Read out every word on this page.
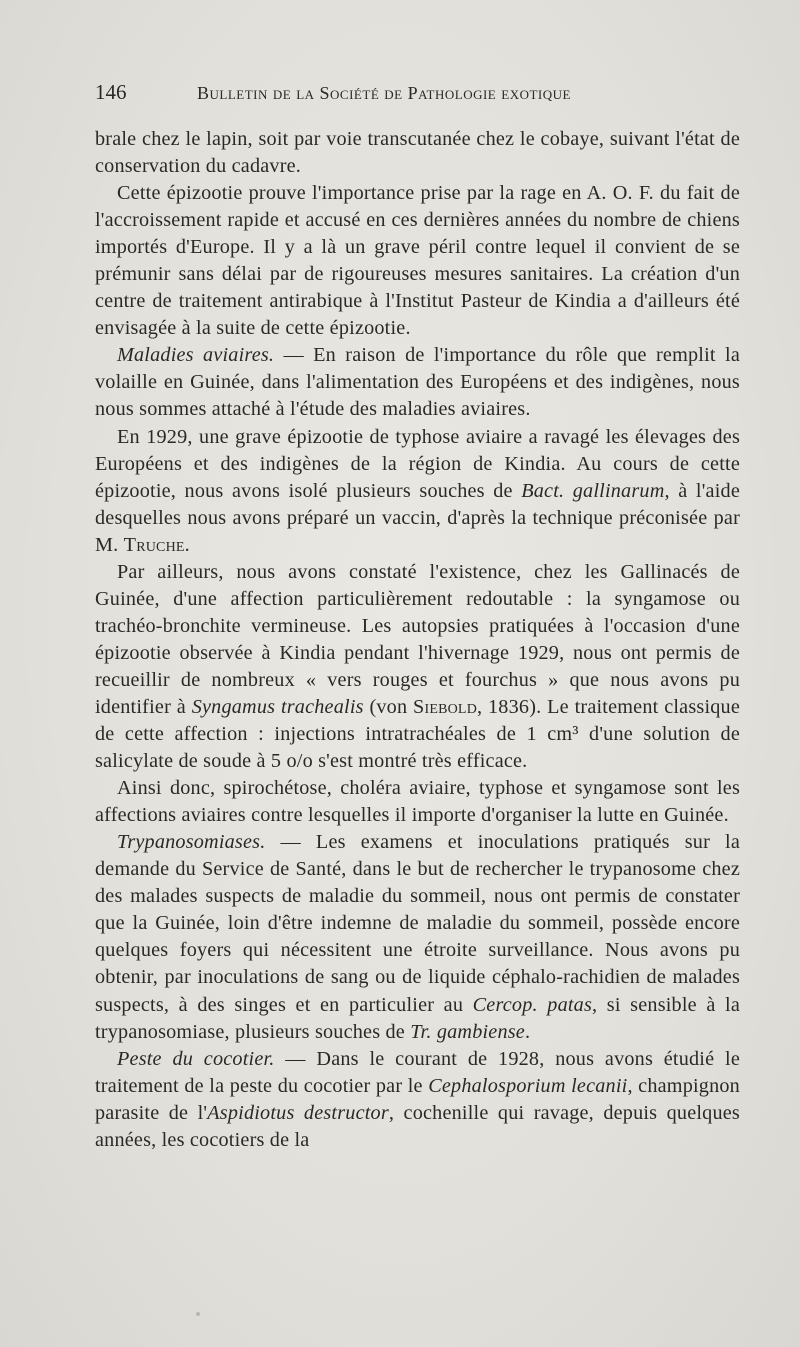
146	Bulletin de la Société de Pathologie exotique

brale chez le lapin, soit par voie transcutanée chez le cobaye, suivant l'état de conservation du cadavre.

Cette épizootie prouve l'importance prise par la rage en A. O. F. du fait de l'accroissement rapide et accusé en ces dernières années du nombre de chiens importés d'Europe. Il y a là un grave péril contre lequel il convient de se prémunir sans délai par de rigoureuses mesures sanitaires. La création d'un centre de traitement antirabique à l'Institut Pasteur de Kindia a d'ailleurs été envisagée à la suite de cette épizootie.

Maladies aviaires. — En raison de l'importance du rôle que remplit la volaille en Guinée, dans l'alimentation des Européens et des indigènes, nous nous sommes attaché à l'étude des maladies aviaires.

En 1929, une grave épizootie de typhose aviaire a ravagé les élevages des Européens et des indigènes de la région de Kindia. Au cours de cette épizootie, nous avons isolé plusieurs souches de Bact. gallinarum, à l'aide desquelles nous avons préparé un vaccin, d'après la technique préconisée par M. Truche.

Par ailleurs, nous avons constaté l'existence, chez les Gallinacés de Guinée, d'une affection particulièrement redoutable : la syngamose ou trachéo-bronchite vermineuse. Les autopsies pratiquées à l'occasion d'une épizootie observée à Kindia pendant l'hivernage 1929, nous ont permis de recueillir de nombreux « vers rouges et fourchus » que nous avons pu identifier à Syngamus trachealis (von Siebold, 1836). Le traitement classique de cette affection : injections intratrachéales de 1 cm³ d'une solution de salicylate de soude à 5 o/o s'est montré très efficace.

Ainsi donc, spirochétose, choléra aviaire, typhose et syngamose sont les affections aviaires contre lesquelles il importe d'organiser la lutte en Guinée.

Trypanosomiases. — Les examens et inoculations pratiqués sur la demande du Service de Santé, dans le but de rechercher le trypanosome chez des malades suspects de maladie du sommeil, nous ont permis de constater que la Guinée, loin d'être indemne de maladie du sommeil, possède encore quelques foyers qui nécessitent une étroite surveillance. Nous avons pu obtenir, par inoculations de sang ou de liquide céphalo-rachidien de malades suspects, à des singes et en particulier au Cercop. patas, si sensible à la trypanosomiase, plusieurs souches de Tr. gambiense.

Peste du cocotier. — Dans le courant de 1928, nous avons étudié le traitement de la peste du cocotier par le Cephalosporium lecanii, champignon parasite de l'Aspidiotus destructor, cochenille qui ravage, depuis quelques années, les cocotiers de la
